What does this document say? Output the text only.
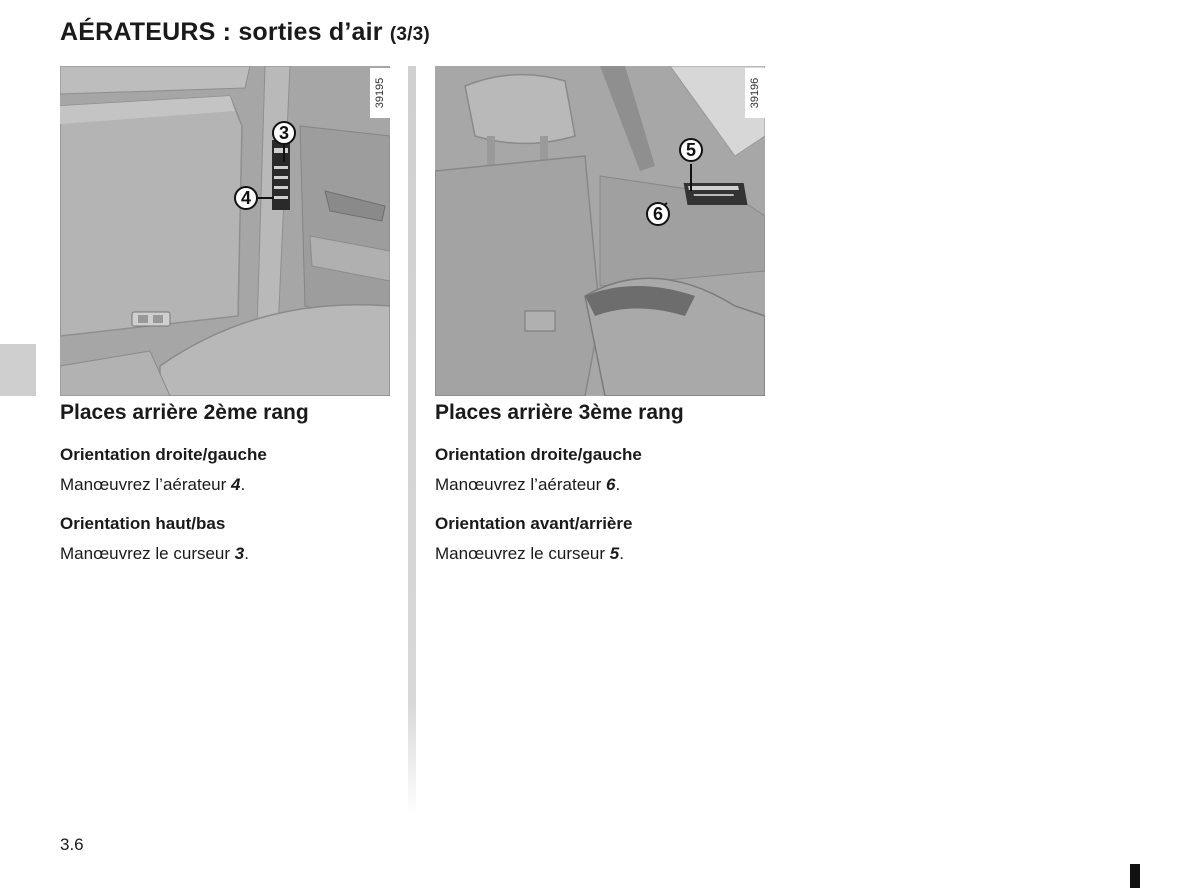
AÉRATEURS : sorties d’air (3/3)
39195
3
4
39196
5
6
Places arrière 2ème rang
Orientation droite/gauche
Manœuvrez l’aérateur 4.
Orientation haut/bas
Manœuvrez le curseur 3.
Places arrière 3ème rang
Orientation droite/gauche
Manœuvrez l’aérateur 6.
Orientation avant/arrière
Manœuvrez le curseur 5.
3.6
